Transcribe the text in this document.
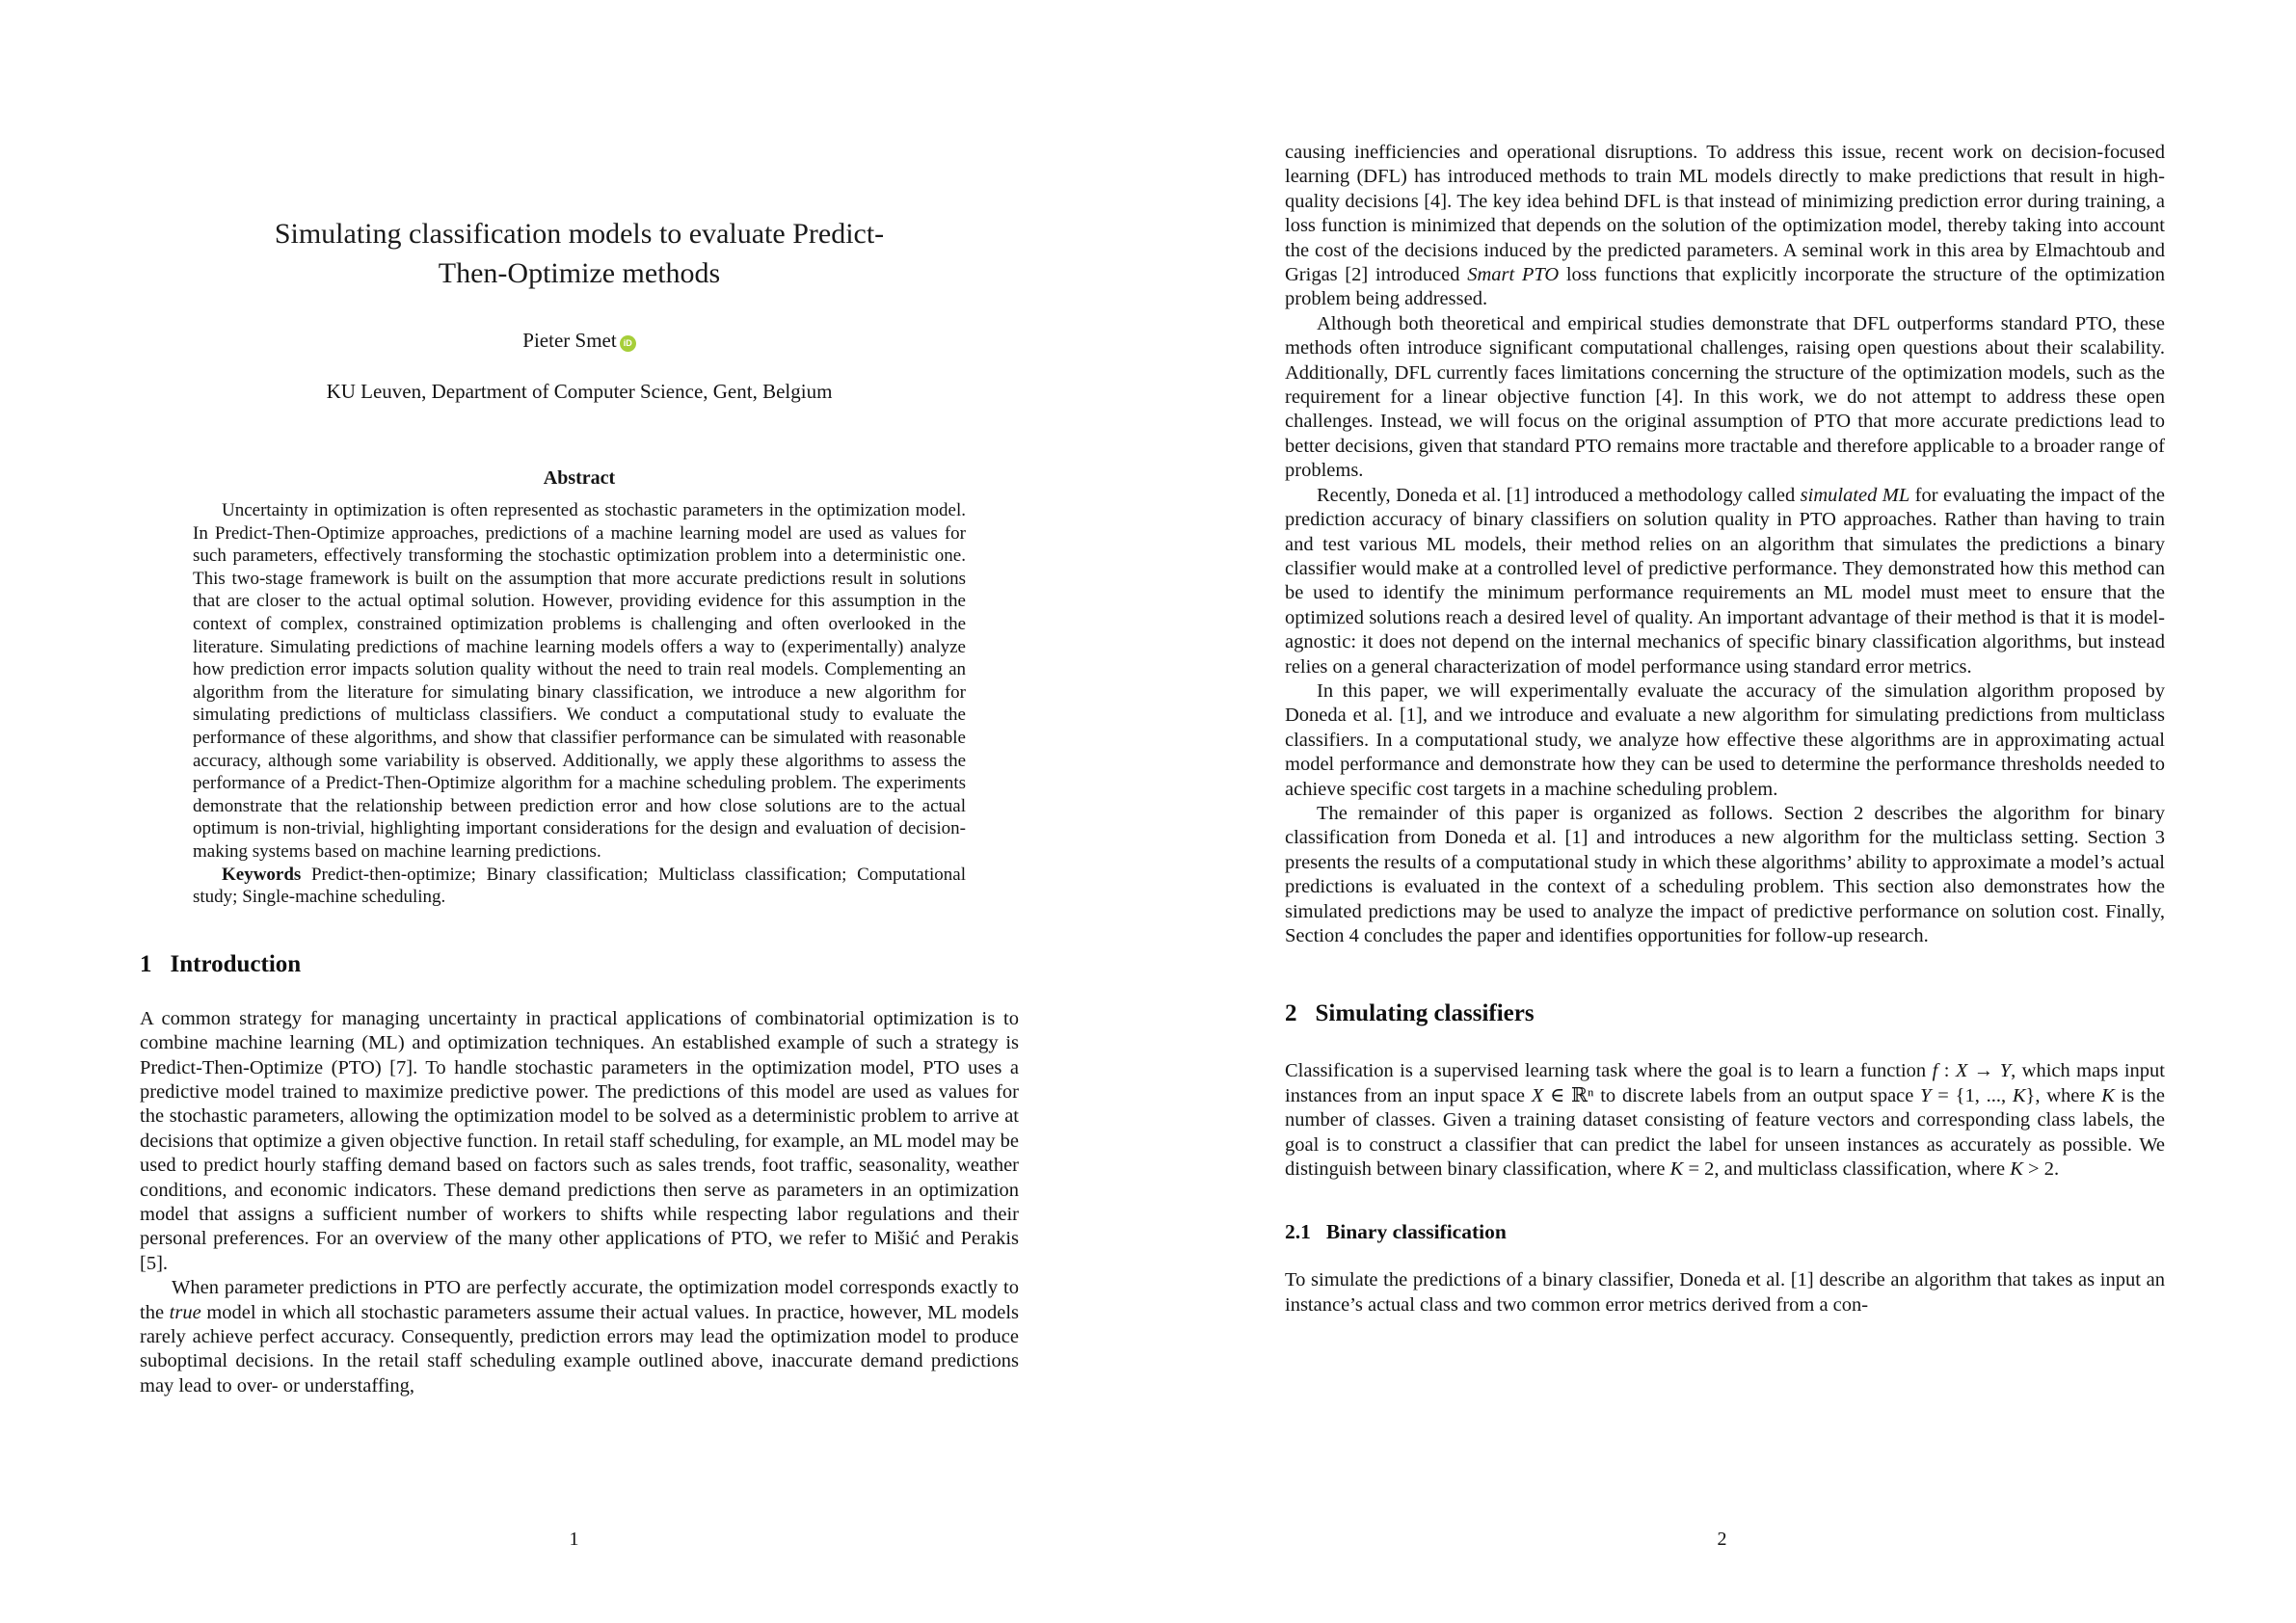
Simulating classification models to evaluate Predict-Then-Optimize methods
Pieter Smet iD
KU Leuven, Department of Computer Science, Gent, Belgium
Abstract

Uncertainty in optimization is often represented as stochastic parameters in the optimization model. In Predict-Then-Optimize approaches, predictions of a machine learning model are used as values for such parameters, effectively transforming the stochastic optimization problem into a deterministic one. This two-stage framework is built on the assumption that more accurate predictions result in solutions that are closer to the actual optimal solution. However, providing evidence for this assumption in the context of complex, constrained optimization problems is challenging and often overlooked in the literature. Simulating predictions of machine learning models offers a way to (experimentally) analyze how prediction error impacts solution quality without the need to train real models. Complementing an algorithm from the literature for simulating binary classification, we introduce a new algorithm for simulating predictions of multiclass classifiers. We conduct a computational study to evaluate the performance of these algorithms, and show that classifier performance can be simulated with reasonable accuracy, although some variability is observed. Additionally, we apply these algorithms to assess the performance of a Predict-Then-Optimize algorithm for a machine scheduling problem. The experiments demonstrate that the relationship between prediction error and how close solutions are to the actual optimum is non-trivial, highlighting important considerations for the design and evaluation of decision-making systems based on machine learning predictions.

Keywords Predict-then-optimize; Binary classification; Multiclass classification; Computational study; Single-machine scheduling.

1 Introduction

A common strategy for managing uncertainty in practical applications of combinatorial optimization is to combine machine learning (ML) and optimization techniques. An established example of such a strategy is Predict-Then-Optimize (PTO) [7]. To handle stochastic parameters in the optimization model, PTO uses a predictive model trained to maximize predictive power. The predictions of this model are used as values for the stochastic parameters, allowing the optimization model to be solved as a deterministic problem to arrive at decisions that optimize a given objective function. In retail staff scheduling, for example, an ML model may be used to predict hourly staffing demand based on factors such as sales trends, foot traffic, seasonality, weather conditions, and economic indicators. These demand predictions then serve as parameters in an optimization model that assigns a sufficient number of workers to shifts while respecting labor regulations and their personal preferences. For an overview of the many other applications of PTO, we refer to Mišić and Perakis [5].

When parameter predictions in PTO are perfectly accurate, the optimization model corresponds exactly to the true model in which all stochastic parameters assume their actual values. In practice, however, ML models rarely achieve perfect accuracy. Consequently, prediction errors may lead the optimization model to produce suboptimal decisions. In the retail staff scheduling example outlined above, inaccurate demand predictions may lead to over- or understaffing,

1

causing inefficiencies and operational disruptions. To address this issue, recent work on decision-focused learning (DFL) has introduced methods to train ML models directly to make predictions that result in high-quality decisions [4]. The key idea behind DFL is that instead of minimizing prediction error during training, a loss function is minimized that depends on the solution of the optimization model, thereby taking into account the cost of the decisions induced by the predicted parameters. A seminal work in this area by Elmachtoub and Grigas [2] introduced Smart PTO loss functions that explicitly incorporate the structure of the optimization problem being addressed.

Although both theoretical and empirical studies demonstrate that DFL outperforms standard PTO, these methods often introduce significant computational challenges, raising open questions about their scalability. Additionally, DFL currently faces limitations concerning the structure of the optimization models, such as the requirement for a linear objective function [4]. In this work, we do not attempt to address these open challenges. Instead, we will focus on the original assumption of PTO that more accurate predictions lead to better decisions, given that standard PTO remains more tractable and therefore applicable to a broader range of problems.

Recently, Doneda et al. [1] introduced a methodology called simulated ML for evaluating the impact of the prediction accuracy of binary classifiers on solution quality in PTO approaches. Rather than having to train and test various ML models, their method relies on an algorithm that simulates the predictions a binary classifier would make at a controlled level of predictive performance. They demonstrated how this method can be used to identify the minimum performance requirements an ML model must meet to ensure that the optimized solutions reach a desired level of quality. An important advantage of their method is that it is model-agnostic: it does not depend on the internal mechanics of specific binary classification algorithms, but instead relies on a general characterization of model performance using standard error metrics.

In this paper, we will experimentally evaluate the accuracy of the simulation algorithm proposed by Doneda et al. [1], and we introduce and evaluate a new algorithm for simulating predictions from multiclass classifiers. In a computational study, we analyze how effective these algorithms are in approximating actual model performance and demonstrate how they can be used to determine the performance thresholds needed to achieve specific cost targets in a machine scheduling problem.

The remainder of this paper is organized as follows. Section 2 describes the algorithm for binary classification from Doneda et al. [1] and introduces a new algorithm for the multiclass setting. Section 3 presents the results of a computational study in which these algorithms’ ability to approximate a model’s actual predictions is evaluated in the context of a scheduling problem. This section also demonstrates how the simulated predictions may be used to analyze the impact of predictive performance on solution cost. Finally, Section 4 concludes the paper and identifies opportunities for follow-up research.

2 Simulating classifiers

Classification is a supervised learning task where the goal is to learn a function f : X → Y, which maps input instances from an input space X ∈ ℝⁿ to discrete labels from an output space Y = {1, ..., K}, where K is the number of classes. Given a training dataset consisting of feature vectors and corresponding class labels, the goal is to construct a classifier that can predict the label for unseen instances as accurately as possible. We distinguish between binary classification, where K = 2, and multiclass classification, where K > 2.

2.1 Binary classification

To simulate the predictions of a binary classifier, Doneda et al. [1] describe an algorithm that takes as input an instance’s actual class and two common error metrics derived from a con-

2
